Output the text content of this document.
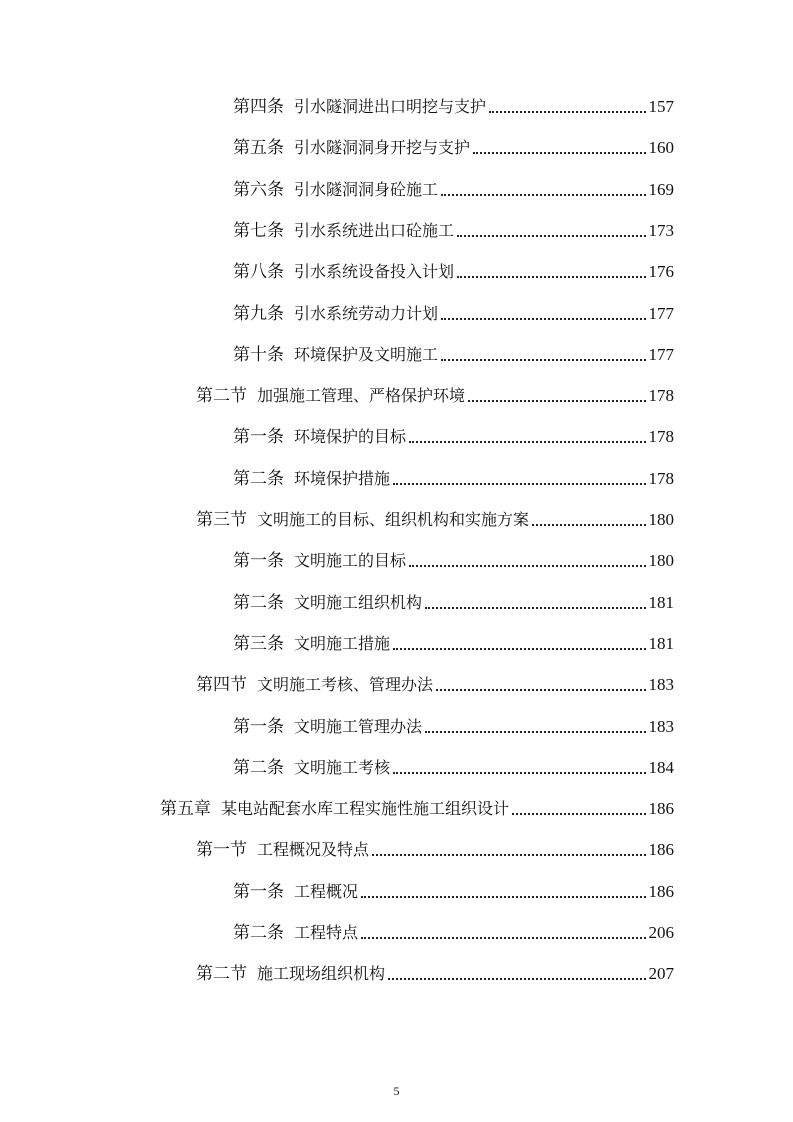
第四条 引水隧洞进出口明挖与支护	157
第五条 引水隧洞洞身开挖与支护	160
第六条 引水隧洞洞身砼施工	169
第七条 引水系统进出口砼施工	173
第八条 引水系统设备投入计划	176
第九条 引水系统劳动力计划	177
第十条 环境保护及文明施工	177
第二节 加强施工管理、严格保护环境	178
第一条 环境保护的目标	178
第二条 环境保护措施	178
第三节 文明施工的目标、组织机构和实施方案	180
第一条 文明施工的目标	180
第二条 文明施工组织机构	181
第三条 文明施工措施	181
第四节 文明施工考核、管理办法	183
第一条 文明施工管理办法	183
第二条 文明施工考核	184
第五章 某电站配套水库工程实施性施工组织设计	186
第一节 工程概况及特点	186
第一条 工程概况	186
第二条 工程特点	206
第二节 施工现场组织机构	207
5
